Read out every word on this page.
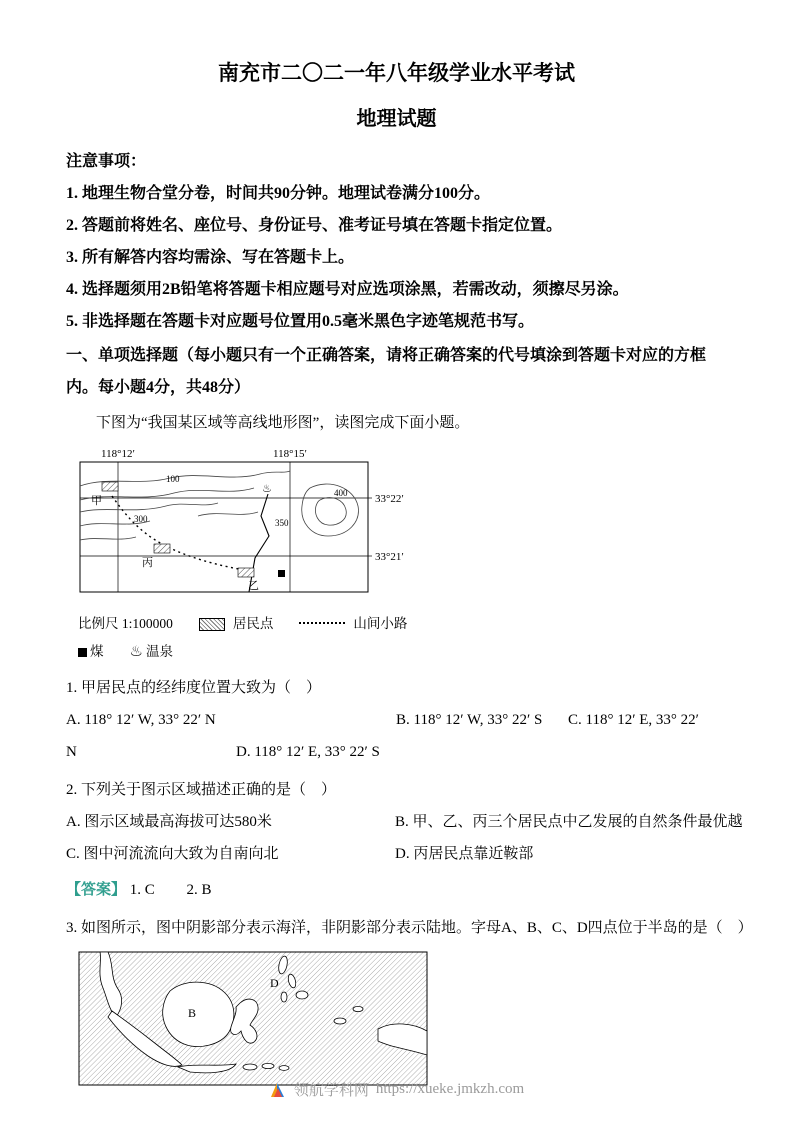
南充市二〇二一年八年级学业水平考试
地理试题
注意事项：
1. 地理生物合堂分卷，时间共90分钟。地理试卷满分100分。
2. 答题前将姓名、座位号、身份证号、准考证号填在答题卡指定位置。
3. 所有解答内容均需涂、写在答题卡上。
4. 选择题须用2B铅笔将答题卡相应题号对应选项涂黑，若需改动，须擦尽另涂。
5. 非选择题在答题卡对应题号位置用0.5毫米黑色字迹笔规范书写。
一、单项选择题（每小题只有一个正确答案，请将正确答案的代号填涂到答题卡对应的方框内。每小题4分，共48分）
下图为“我国某区域等高线地形图”，读图完成下面小题。
118°12′	118°15′
33°22′
33°21′
100
300	350
400
♨
甲
丙
乙
比例尺 1:100000	居民点	山间小路
煤 ♨ 温泉
1. 甲居民点的经纬度位置大致为（　）
A. 118° 12′ W, 33° 22′ N	B. 118° 12′ W, 33° 22′ S	C. 118° 12′ E, 33° 22′
N	D. 118° 12′ E, 33° 22′ S
2. 下列关于图示区域描述正确的是（　）
A. 图示区域最高海拔可达580米	B. 甲、乙、丙三个居民点中乙发展的自然条件最优越
C. 图中河流流向大致为自南向北	D. 丙居民点靠近鞍部
【答案】 1. C 2. B
3. 如图所示，图中阴影部分表示海洋，非阴影部分表示陆地。字母A、B、C、D四点位于半岛的是（　）
B
D
领航学科网 https://xueke.jmkzh.com
